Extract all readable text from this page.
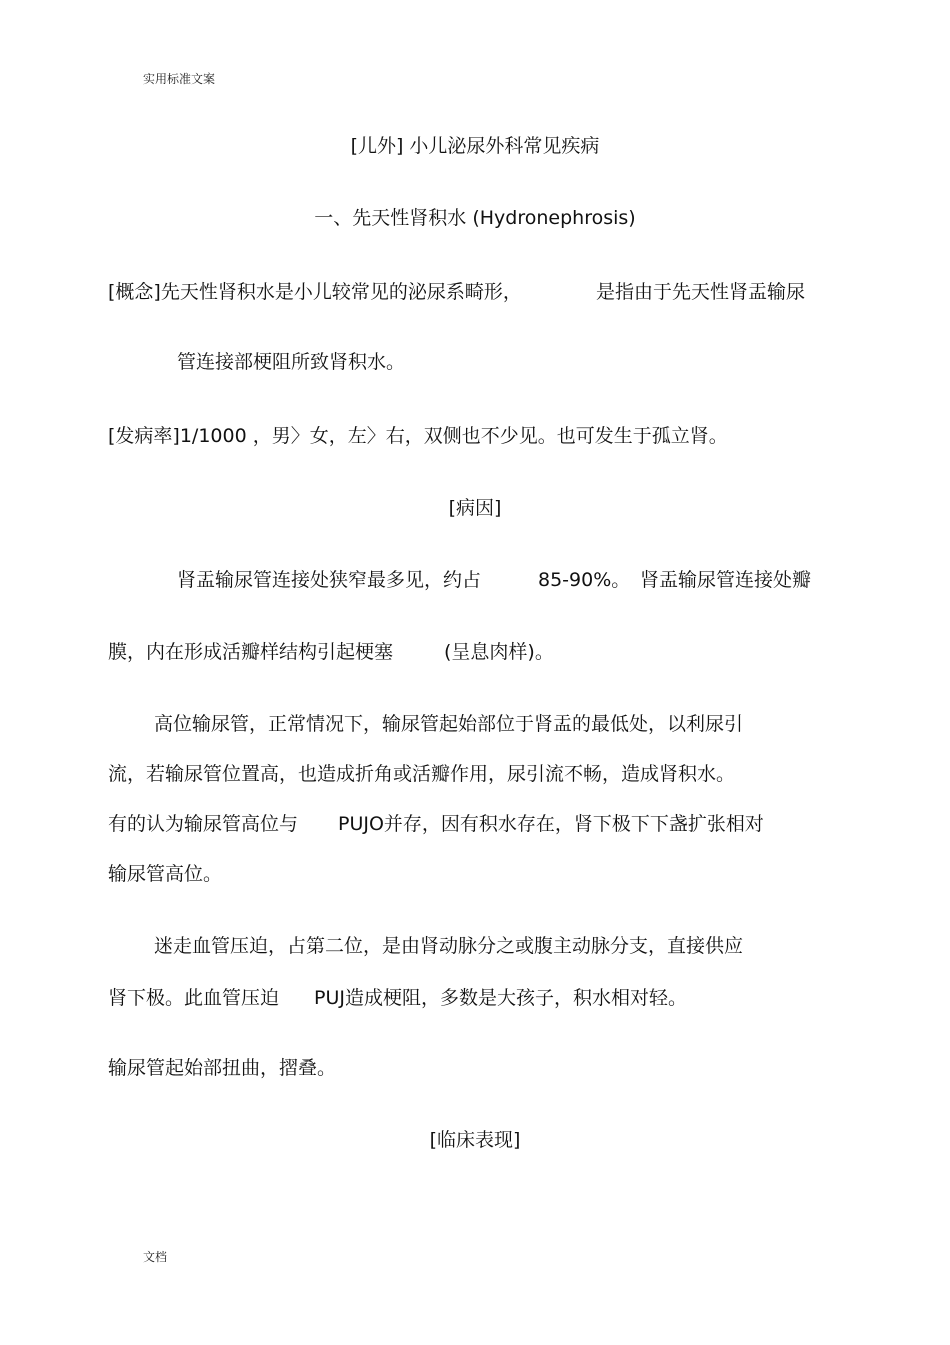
实用标准文案
[儿外] 小儿泌尿外科常见疾病
一、先天性肾积水 (Hydronephrosis)
[概念]先天性肾积水是小儿较常见的泌尿系畸形，	是指由于先天性肾盂输尿
管连接部梗阻所致肾积水。
[发病率]1/1000 ，男〉女，左〉右，双侧也不少见。也可发生于孤立肾。
[病因]
肾盂输尿管连接处狭窄最多见，约占	85-90%。 肾盂输尿管连接处瓣
膜，内在形成活瓣样结构引起梗塞	(呈息肉样)。
高位输尿管，正常情况下，输尿管起始部位于肾盂的最低处，以利尿引
流，若输尿管位置高，也造成折角或活瓣作用，尿引流不畅，造成肾积水。
有的认为输尿管高位与 PUJO并存，因有积水存在，肾下极下下盏扩张相对
输尿管高位。
迷走血管压迫，占第二位，是由肾动脉分之或腹主动脉分支，直接供应
肾下极。此血管压迫 PUJ造成梗阻，多数是大孩子，积水相对轻。
输尿管起始部扭曲，摺叠。
[临床表现]
文档
